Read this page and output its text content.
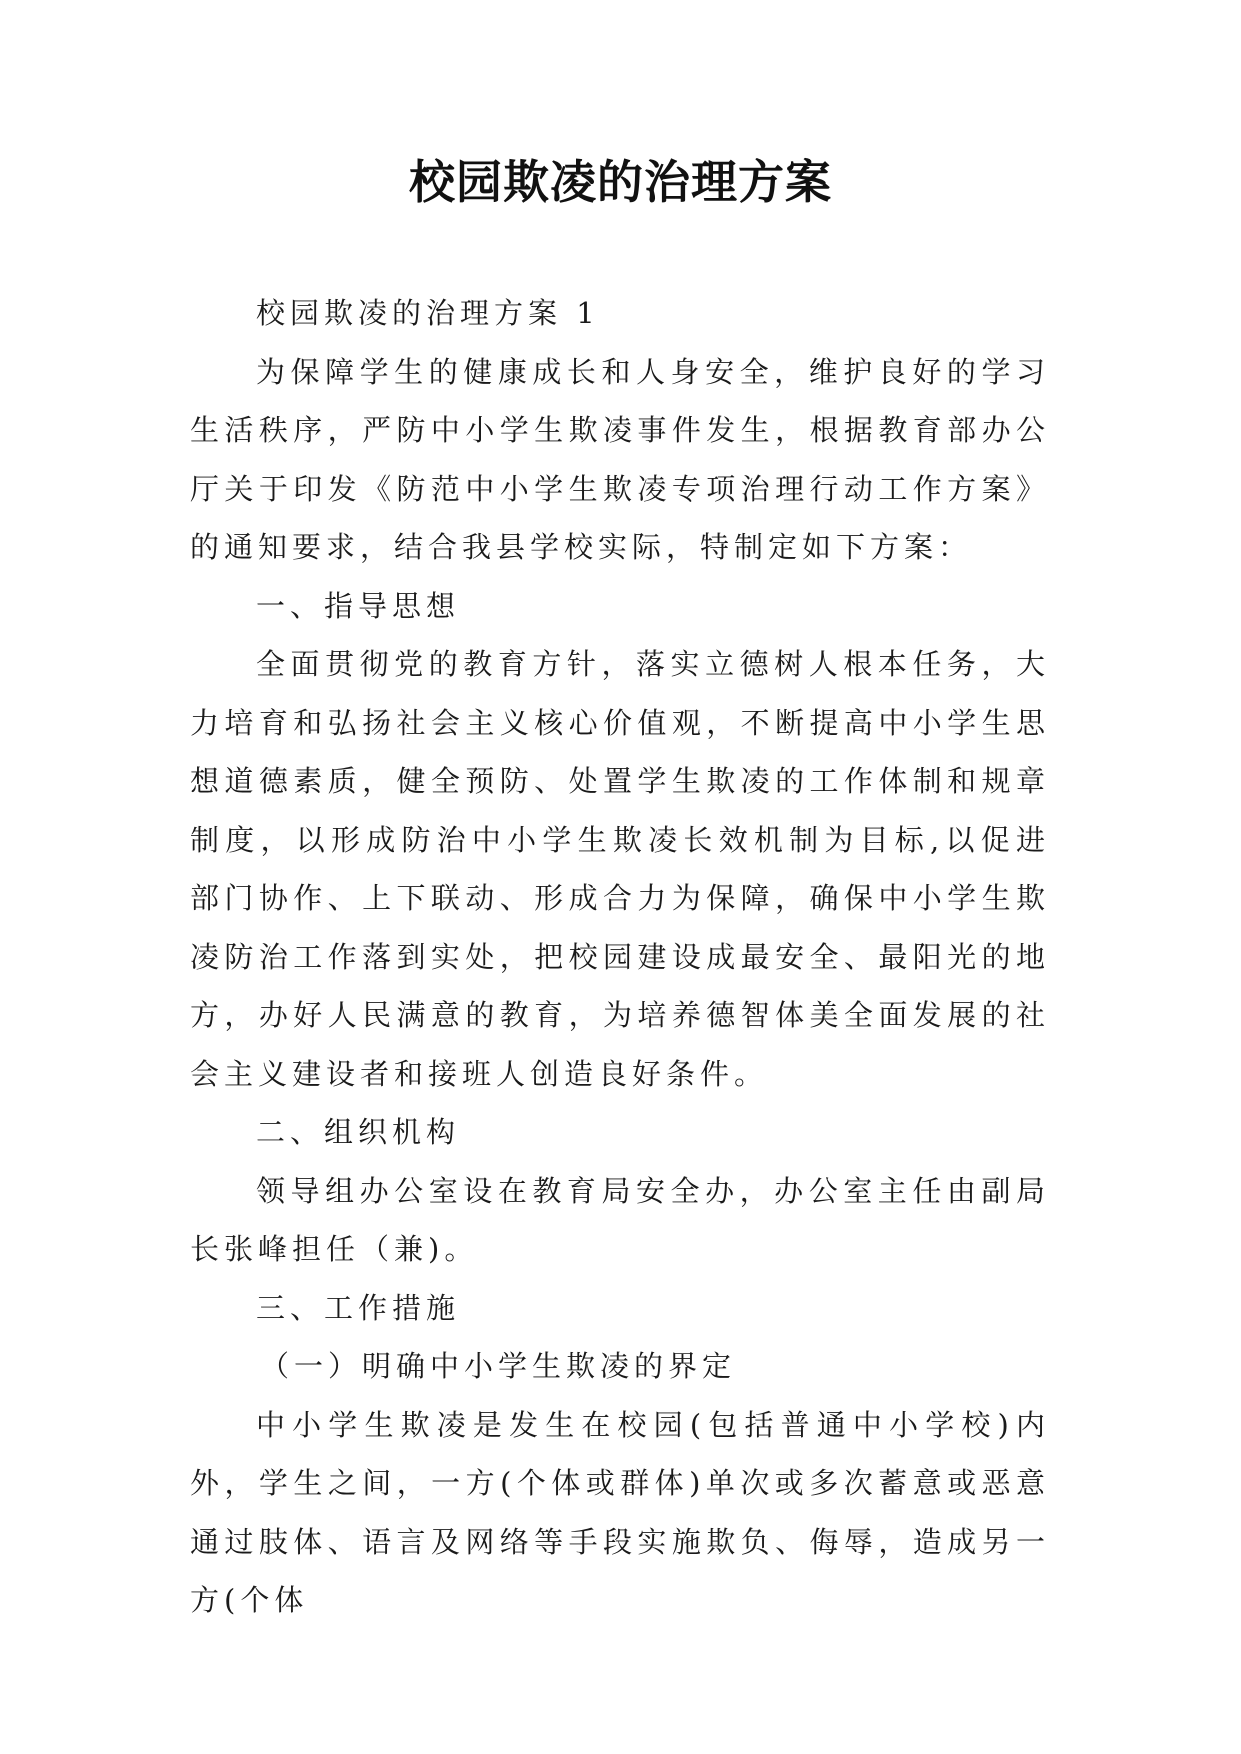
校园欺凌的治理方案

校园欺凌的治理方案 1

为保障学生的健康成长和人身安全，维护良好的学习生活秩序，严防中小学生欺凌事件发生，根据教育部办公厅关于印发《防范中小学生欺凌专项治理行动工作方案》的通知要求，结合我县学校实际，特制定如下方案：

一、指导思想

全面贯彻党的教育方针，落实立德树人根本任务，大力培育和弘扬社会主义核心价值观，不断提高中小学生思想道德素质，健全预防、处置学生欺凌的工作体制和规章制度，以形成防治中小学生欺凌长效机制为目标,以促进部门协作、上下联动、形成合力为保障，确保中小学生欺凌防治工作落到实处，把校园建设成最安全、最阳光的地方，办好人民满意的教育，为培养德智体美全面发展的社会主义建设者和接班人创造良好条件。

二、组织机构

领导组办公室设在教育局安全办，办公室主任由副局长张峰担任（兼)。

三、工作措施

（一）明确中小学生欺凌的界定

中小学生欺凌是发生在校园(包括普通中小学校)内外，学生之间，一方(个体或群体)单次或多次蓄意或恶意通过肢体、语言及网络等手段实施欺负、侮辱，造成另一方(个体
